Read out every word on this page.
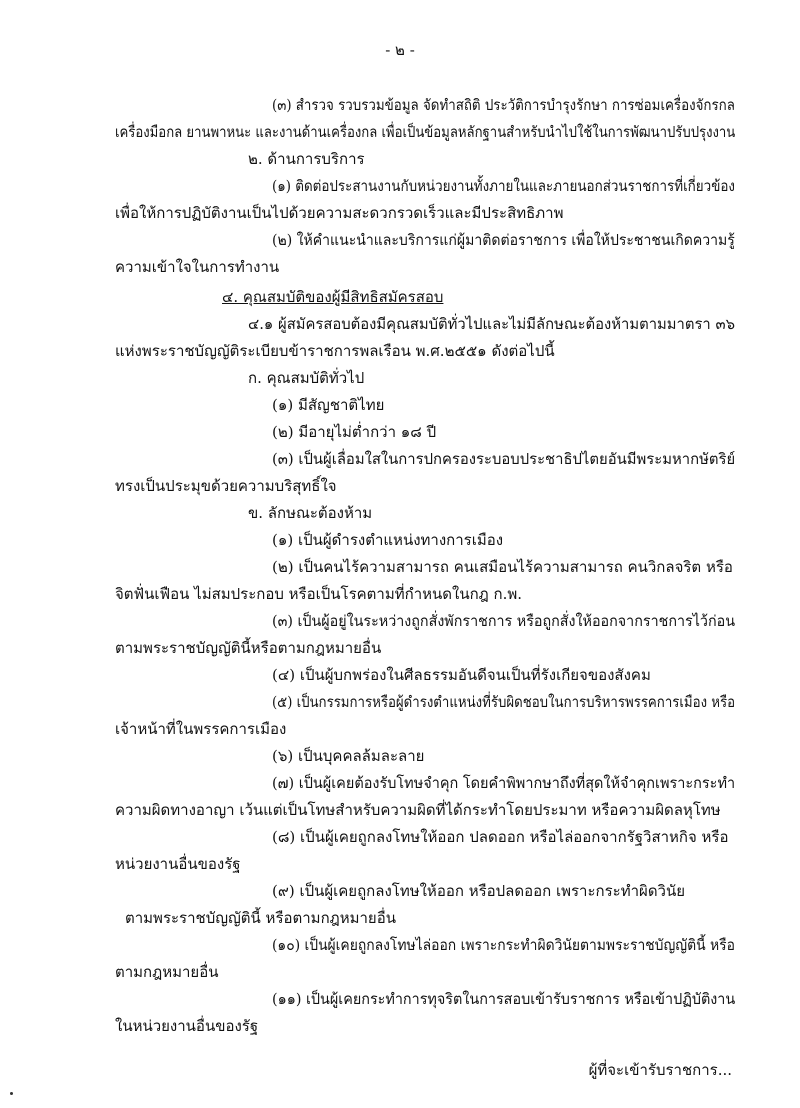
- ๒ -
(๓) สำรวจ รวบรวมข้อมูล จัดทำสถิติ ประวัติการบำรุงรักษา การซ่อมเครื่องจักรกล
เครื่องมือกล ยานพาหนะ และงานด้านเครื่องกล เพื่อเป็นข้อมูลหลักฐานสำหรับนำไปใช้ในการพัฒนาปรับปรุงงาน
๒. ด้านการบริการ
(๑) ติดต่อประสานงานกับหน่วยงานทั้งภายในและภายนอกส่วนราชการที่เกี่ยวข้อง
เพื่อให้การปฏิบัติงานเป็นไปด้วยความสะดวกรวดเร็วและมีประสิทธิภาพ
(๒) ให้คำแนะนำและบริการแก่ผู้มาติดต่อราชการ เพื่อให้ประชาชนเกิดความรู้
ความเข้าใจในการทำงาน
๔. คุณสมบัติของผู้มีสิทธิสมัครสอบ
๔.๑ ผู้สมัครสอบต้องมีคุณสมบัติทั่วไปและไม่มีลักษณะต้องห้ามตามมาตรา ๓๖
แห่งพระราชบัญญัติระเบียบข้าราชการพลเรือน พ.ศ.๒๕๕๑ ดังต่อไปนี้
ก. คุณสมบัติทั่วไป
(๑) มีสัญชาติไทย
(๒) มีอายุไม่ต่ำกว่า ๑๘ ปี
(๓) เป็นผู้เลื่อมใสในการปกครองระบอบประชาธิปไตยอันมีพระมหากษัตริย์
ทรงเป็นประมุขด้วยความบริสุทธิ์ใจ
ข. ลักษณะต้องห้าม
(๑) เป็นผู้ดำรงตำแหน่งทางการเมือง
(๒) เป็นคนไร้ความสามารถ คนเสมือนไร้ความสามารถ คนวิกลจริต หรือ
จิตฟั่นเฟือน ไม่สมประกอบ หรือเป็นโรคตามที่กำหนดในกฎ ก.พ.
(๓) เป็นผู้อยู่ในระหว่างถูกสั่งพักราชการ หรือถูกสั่งให้ออกจากราชการไว้ก่อน
ตามพระราชบัญญัตินี้หรือตามกฎหมายอื่น
(๔) เป็นผู้บกพร่องในศีลธรรมอันดีจนเป็นที่รังเกียจของสังคม
(๕) เป็นกรรมการหรือผู้ดำรงตำแหน่งที่รับผิดชอบในการบริหารพรรคการเมือง หรือ
เจ้าหน้าที่ในพรรคการเมือง
(๖) เป็นบุคคลล้มละลาย
(๗) เป็นผู้เคยต้องรับโทษจำคุก โดยคำพิพากษาถึงที่สุดให้จำคุกเพราะกระทำ
ความผิดทางอาญา เว้นแต่เป็นโทษสำหรับความผิดที่ได้กระทำโดยประมาท หรือความผิดลหุโทษ
(๘) เป็นผู้เคยถูกลงโทษให้ออก ปลดออก หรือไล่ออกจากรัฐวิสาหกิจ หรือ
หน่วยงานอื่นของรัฐ
(๙) เป็นผู้เคยถูกลงโทษให้ออก หรือปลดออก เพราะกระทำผิดวินัย
ตามพระราชบัญญัตินี้ หรือตามกฎหมายอื่น
(๑๐) เป็นผู้เคยถูกลงโทษไล่ออก เพราะกระทำผิดวินัยตามพระราชบัญญัตินี้ หรือ
ตามกฎหมายอื่น
(๑๑) เป็นผู้เคยกระทำการทุจริตในการสอบเข้ารับราชการ หรือเข้าปฏิบัติงาน
ในหน่วยงานอื่นของรัฐ
ผู้ที่จะเข้ารับราชการ...
